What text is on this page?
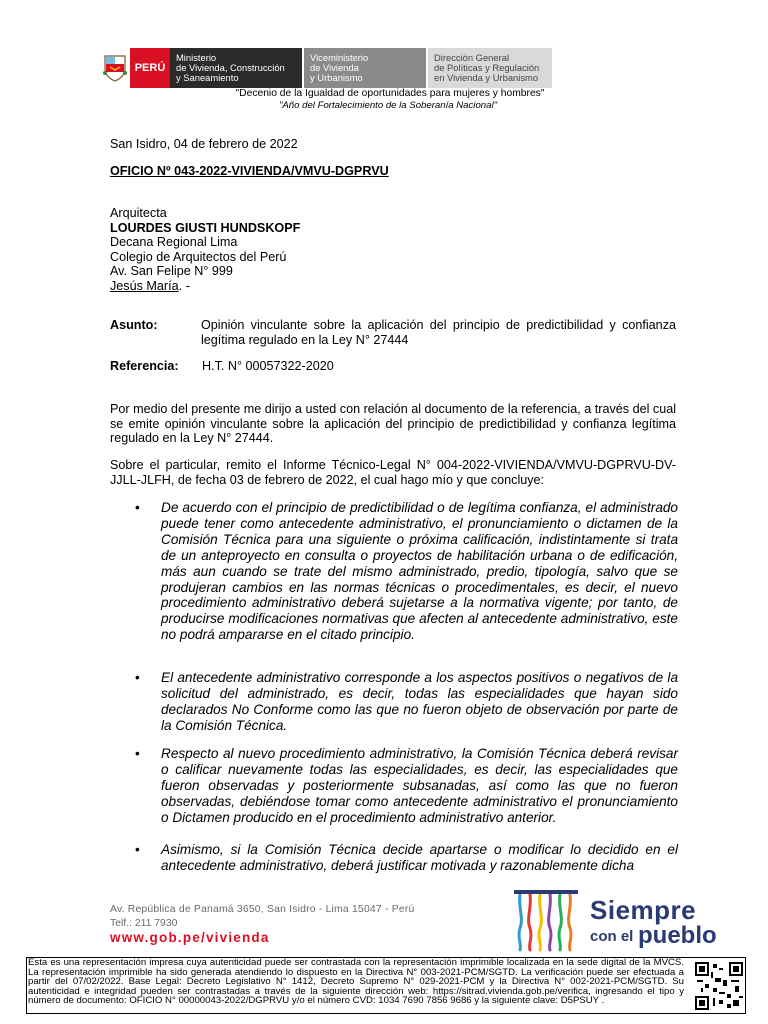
PERÚ
Ministerio
de Vivienda, Construcción
y Saneamiento
Viceministerio
de Vivienda
y Urbanismo
Dirección General
de Políticas y Regulación
en Vivienda y Urbanismo
"Decenio de la Igualdad de oportunidades para mujeres y hombres"
"Año del Fortalecimiento de la Soberanía Nacional"
San Isidro, 04 de febrero de 2022
OFICIO Nº 043-2022-VIVIENDA/VMVU-DGPRVU
Arquitecta
LOURDES GIUSTI HUNDSKOPF
Decana Regional Lima
Colegio de Arquitectos del Perú
Av. San Felipe N° 999
Jesús María. -
Asunto:	Opinión vinculante sobre la aplicación del principio de predictibilidad y confianza legítima regulado en la Ley N° 27444
Referencia: H.T. N° 00057322-2020
Por medio del presente me dirijo a usted con relación al documento de la referencia, a través del cual se emite opinión vinculante sobre la aplicación del principio de predictibilidad y confianza legítima regulado en la Ley N° 27444.
Sobre el particular, remito el Informe Técnico-Legal N° 004-2022-VIVIENDA/VMVU-DGPRVU-DV-JJLL-JLFH, de fecha 03 de febrero de 2022, el cual hago mío y que concluye:
• De acuerdo con el principio de predictibilidad o de legítima confianza, el administrado puede tener como antecedente administrativo, el pronunciamiento o dictamen de la Comisión Técnica para una siguiente o próxima calificación, indistintamente si trata de un anteproyecto en consulta o proyectos de habilitación urbana o de edificación, más aun cuando se trate del mismo administrado, predio, tipología, salvo que se produjeran cambios en las normas técnicas o procedimentales, es decir, el nuevo procedimiento administrativo deberá sujetarse a la normativa vigente; por tanto, de producirse modificaciones normativas que afecten al antecedente administrativo, este no podrá ampararse en el citado principio.
• El antecedente administrativo corresponde a los aspectos positivos o negativos de la solicitud del administrado, es decir, todas las especialidades que hayan sido declarados No Conforme como las que no fueron objeto de observación por parte de la Comisión Técnica.
• Respecto al nuevo procedimiento administrativo, la Comisión Técnica deberá revisar o calificar nuevamente todas las especialidades, es decir, las especialidades que fueron observadas y posteriormente subsanadas, así como las que no fueron observadas, debiéndose tomar como antecedente administrativo el pronunciamiento o Dictamen producido en el procedimiento administrativo anterior.
• Asimismo, si la Comisión Técnica decide apartarse o modificar lo decidido en el antecedente administrativo, deberá justificar motivada y razonablemente dicha
Av. República de Panamá 3650, San Isidro - Lima 15047 - Perú
Telf.: 211 7930
www.gob.pe/vivienda
Siempre
con el pueblo
Esta es una representación impresa cuya autenticidad puede ser contrastada con la representación imprimible localizada en la sede digital de la MVCS. La representación imprimible ha sido generada atendiendo lo dispuesto en la Directiva N° 003-2021-PCM/SGTD. La verificación puede ser efectuada a partir del 07/02/2022. Base Legal: Decreto Legislativo N° 1412, Decreto Supremo N° 029-2021-PCM y la Directiva N° 002-2021-PCM/SGTD. Su autenticidad e integridad pueden ser contrastadas a través de la siguiente dirección web: https://sitrad.vivienda.gob.pe/verifica, ingresando el tipo y número de documento: OFICIO N° 00000043-2022/DGPRVU y/o el número CVD: 1034 7690 7856 9686 y la siguiente clave: D5PSUY .
